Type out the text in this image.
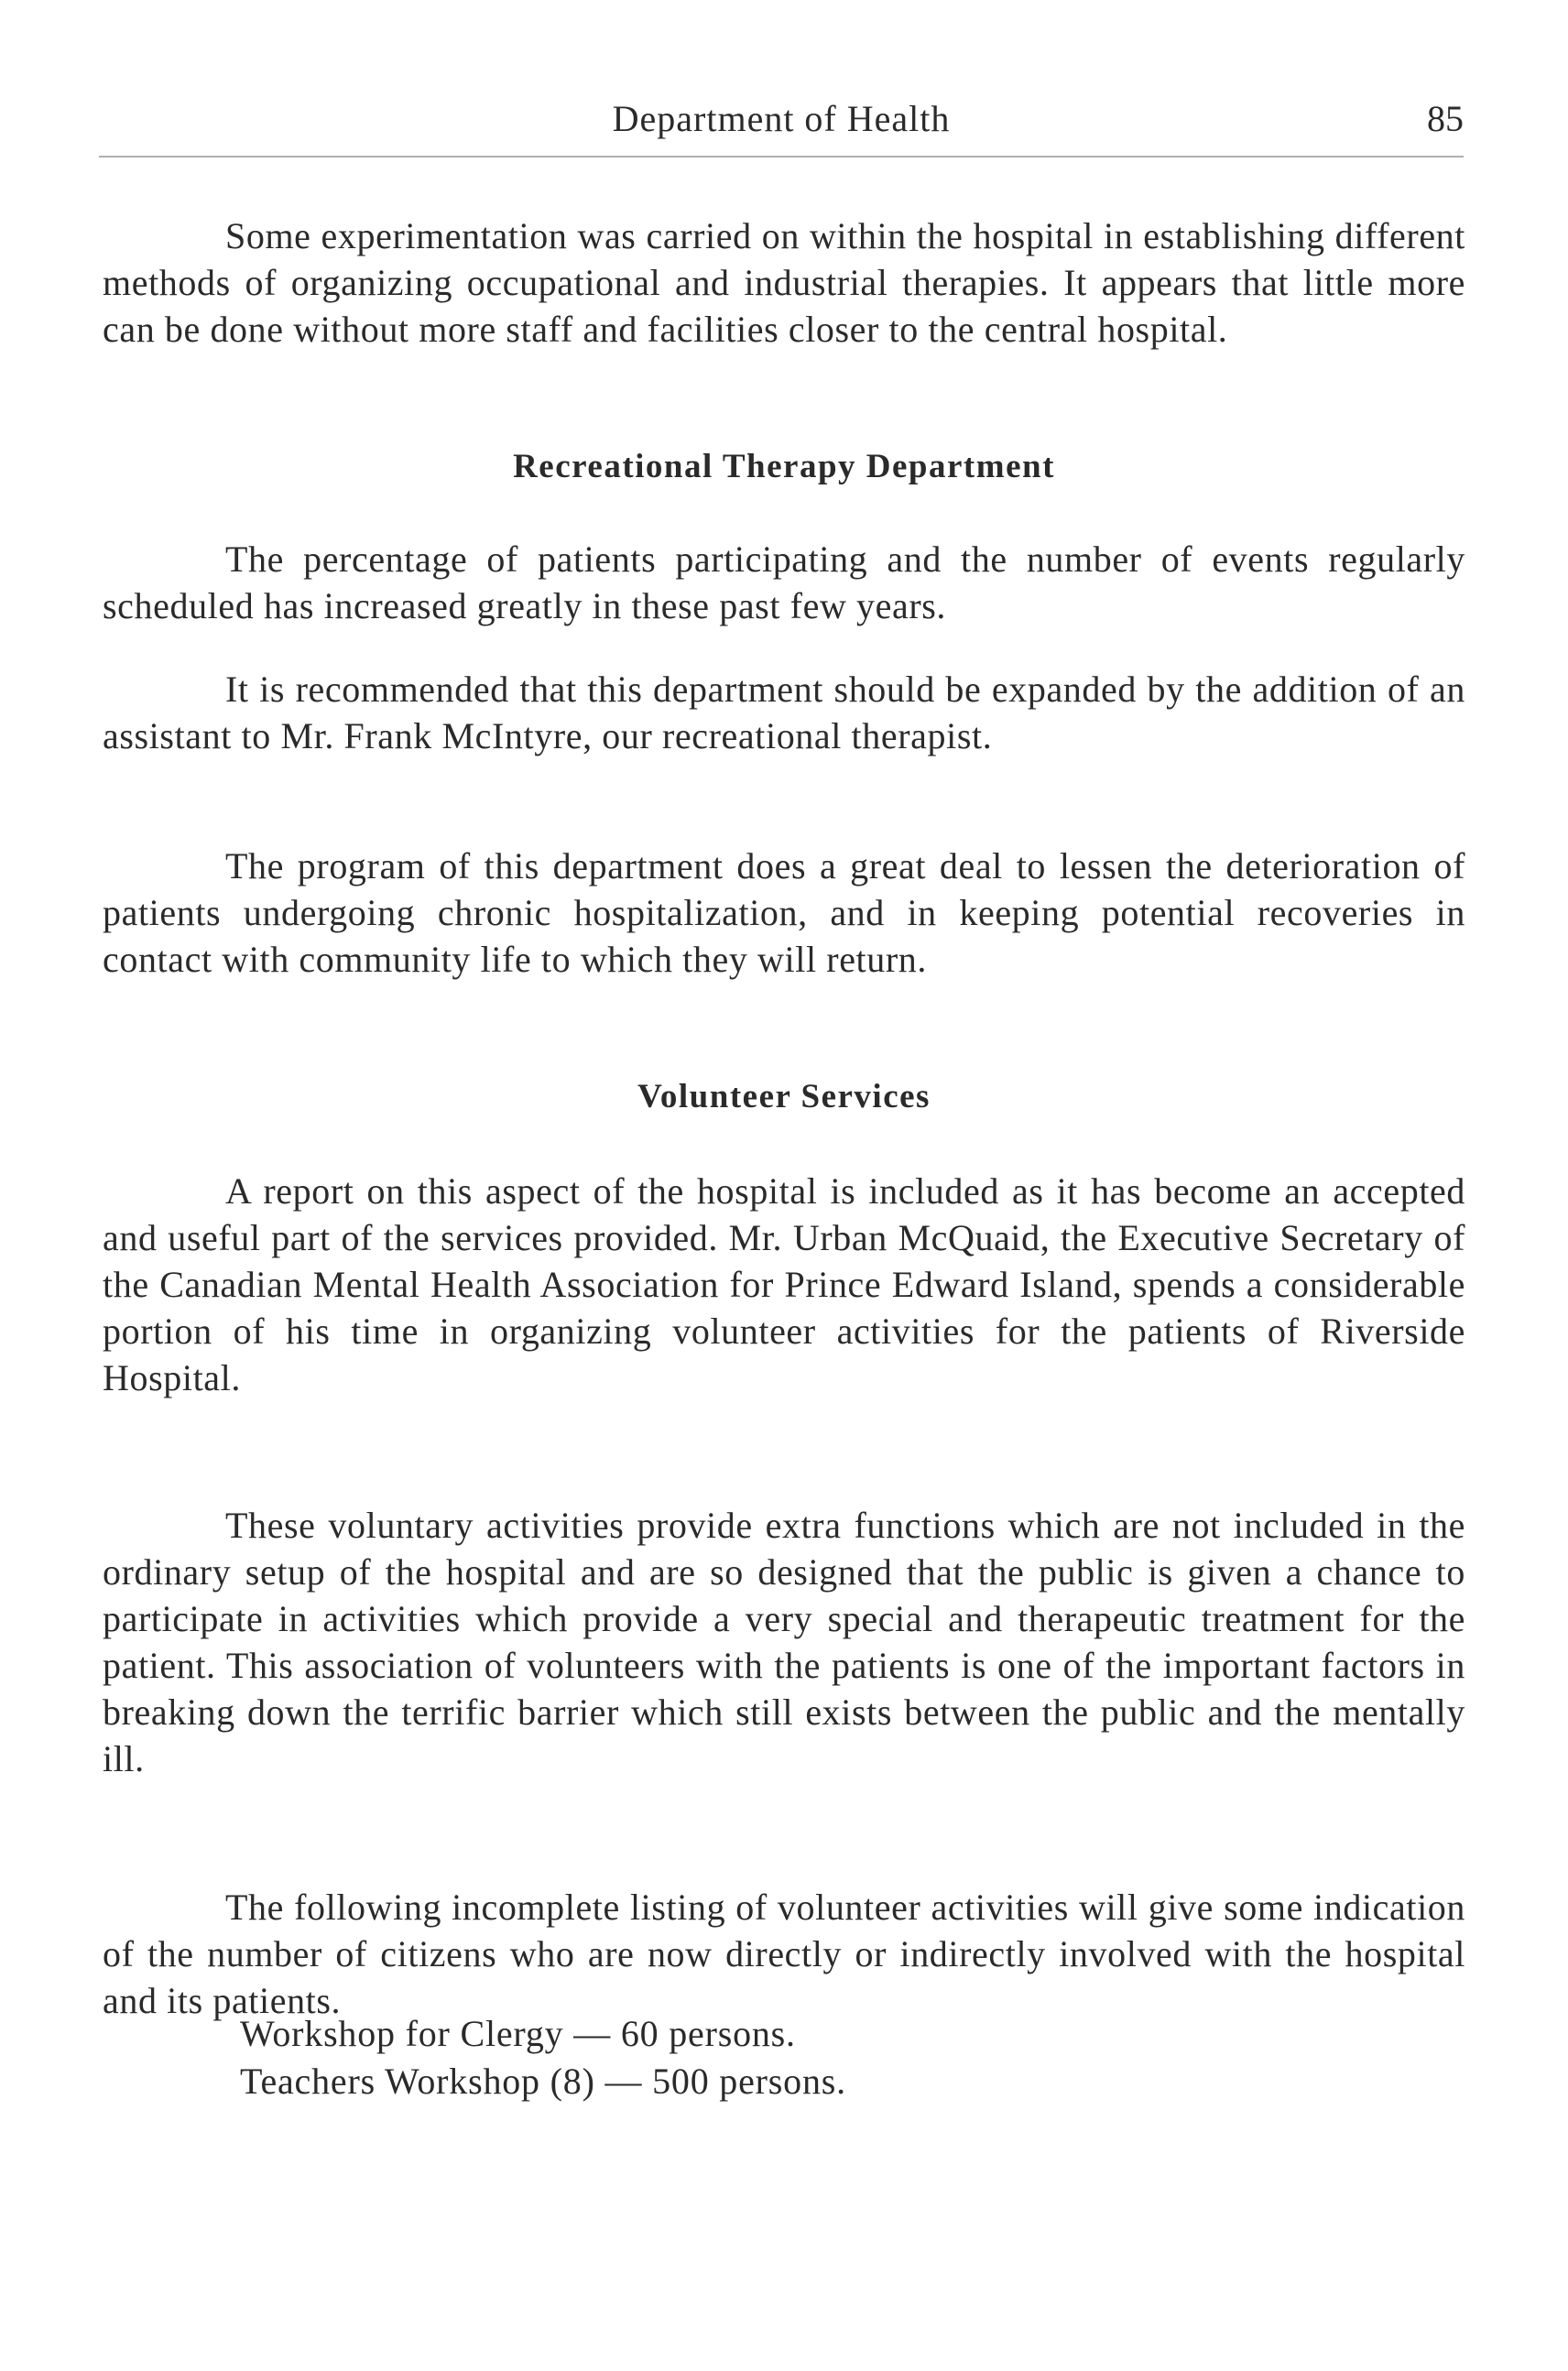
Department of Health	85

Some experimentation was carried on within the hospital in establishing different methods of organizing occupational and industrial therapies. It appears that little more can be done without more staff and facilities closer to the central hospital.

Recreational Therapy Department

The percentage of patients participating and the number of events regularly scheduled has increased greatly in these past few years.

It is recommended that this department should be expanded by the addition of an assistant to Mr. Frank McIntyre, our recreational therapist.

The program of this department does a great deal to lessen the deterioration of patients undergoing chronic hospitalization, and in keeping potential recoveries in contact with community life to which they will return.

Volunteer Services

A report on this aspect of the hospital is included as it has become an accepted and useful part of the services provided. Mr. Urban McQuaid, the Executive Secretary of the Canadian Mental Health Association for Prince Edward Island, spends a considerable portion of his time in organizing volunteer activities for the patients of Riverside Hospital.

These voluntary activities provide extra functions which are not included in the ordinary setup of the hospital and are so designed that the public is given a chance to participate in activities which provide a very special and therapeutic treatment for the patient. This association of volunteers with the patients is one of the important factors in breaking down the terrific barrier which still exists between the public and the mentally ill.

The following incomplete listing of volunteer activities will give some indication of the number of citizens who are now directly or indirectly involved with the hospital and its patients.

Workshop for Clergy — 60 persons.
Teachers Workshop (8) — 500 persons.
